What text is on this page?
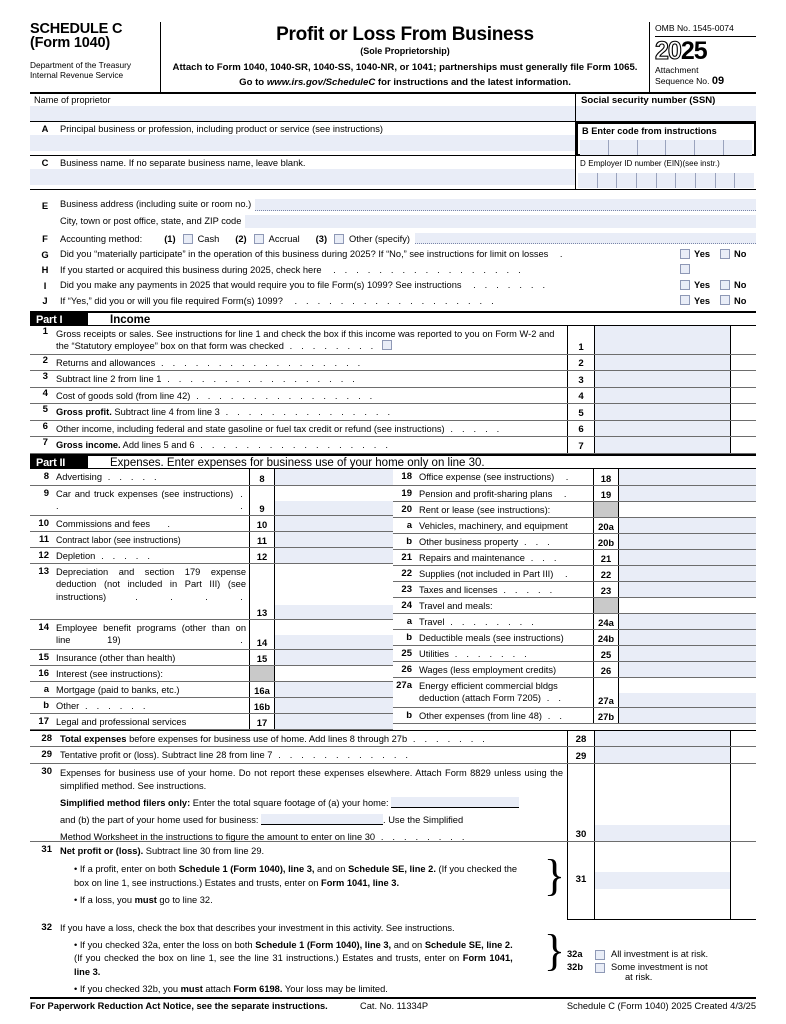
SCHEDULE C
(Form 1040)
Department of the Treasury
Internal Revenue Service
Profit or Loss From Business
(Sole Proprietorship)
Attach to Form 1040, 1040-SR, 1040-SS, 1040-NR, or 1041; partnerships must generally file Form 1065.
Go to www.irs.gov/ScheduleC for instructions and the latest information.
OMB No. 1545-0074
20 25
Attachment
Sequence No. 09
Name of proprietor	Social security number (SSN)
A Principal business or profession, including product or service (see instructions)	B Enter code from instructions
C Business name. If no separate business name, leave blank.	D Employer ID number (EIN)(see instr.)
E	Business address (including suite or room no.)
City, town or post office, state, and ZIP code
F	Accounting method:	(1)	Cash	(2)	Accrual	(3)	Other (specify)
G	Did you “materially participate” in the operation of this business during 2025? If “No,” see instructions for limit on losses  .	Yes	No
H	If you started or acquired this business during 2025, check here  . . . . . . . . . . . . . . . . .
I	Did you make any payments in 2025 that would require you to file Form(s) 1099? See instructions  . . . . . . .	Yes	No
J	If “Yes,” did you or will you file required Form(s) 1099?  . . . . . . . . . . . . . . . . . .	Yes	No
Part I	Income
1 Gross receipts or sales. See instructions for line 1 and check the box if this income was reported to you on Form W-2 and the “Statutory employee” box on that form was checked . . . . . . . .	1
2 Returns and allowances . . . . . . . . . . . . . . . . . .	2
3 Subtract line 2 from line 1 . . . . . . . . . . . . . . . . .	3
4 Cost of goods sold (from line 42) . . . . . . . . . . . . . . . .	4
5 Gross profit. Subtract line 4 from line 3 . . . . . . . . . . . . . . .	5
6 Other income, including federal and state gasoline or fuel tax credit or refund (see instructions) . . . . .	6
7 Gross income. Add lines 5 and 6 . . . . . . . . . . . . . . . . .	7
Part II	Expenses. Enter expenses for business use of your home only on line 30.
8 Advertising . . . . .	8
9 Car and truck expenses (see instructions) . . .	9
10 Commissions and fees   .	10
11 Contract labor (see instructions)	11
12 Depletion . . . . .	12
13 Depreciation and section 179 expense deduction (not included in Part III) (see instructions) . . . .
13
14 Employee benefit programs (other than on line 19)   .	14
15 Insurance (other than health)	15
16 Interest (see instructions):
a Mortgage (paid to banks, etc.)	16a
b Other . . . . . .	16b
17 Legal and professional services	17
18 Office expense (see instructions)  .	18
19 Pension and profit-sharing plans  .	19
20 Rent or lease (see instructions):
a Vehicles, machinery, and equipment	20a
b Other business property . . .	20b
21 Repairs and maintenance . . .	21
22 Supplies (not included in Part III)  .	22
23 Taxes and licenses . . . . .	23
24 Travel and meals:
a Travel . . . . . . . .	24a
b Deductible meals (see instructions)	24b
25 Utilities . . . . . . .	25
26 Wages (less employment credits)	26
27a Energy efficient commercial bldgs deduction (attach Form 7205) . .	27a
b Other expenses (from line 48) . .	27b
28 Total expenses before expenses for business use of home. Add lines 8 through 27b . . . . . . .	28
29 Tentative profit or (loss). Subtract line 28 from line 7 . . . . . . . . . . . .	29
30 Expenses for business use of your home. Do not report these expenses elsewhere. Attach Form 8829 unless using the simplified method. See instructions.
Simplified method filers only: Enter the total square footage of (a) your home:
and (b) the part of your home used for business:	. Use the Simplified
Method Worksheet in the instructions to figure the amount to enter on line 30 . . . . . . . .	30
31 Net profit or (loss). Subtract line 30 from line 29.
• If a profit, enter on both Schedule 1 (Form 1040), line 3, and on Schedule SE, line 2. (If you checked the box on line 1, see instructions.) Estates and trusts, enter on Form 1041, line 3.
• If a loss, you must go to line 32.
}	31
32 If you have a loss, check the box that describes your investment in this activity. See instructions.
• If you checked 32a, enter the loss on both Schedule 1 (Form 1040), line 3, and on Schedule SE, line 2. (If you checked the box on line 1, see the line 31 instructions.) Estates and trusts, enter on Form 1041, line 3.
• If you checked 32b, you must attach Form 6198. Your loss may be limited.
} 32a	All investment is at risk.
32b	Some investment is not
at risk.
For Paperwork Reduction Act Notice, see the separate instructions.	Cat. No. 11334P	Schedule C (Form 1040) 2025 Created 4/3/25
